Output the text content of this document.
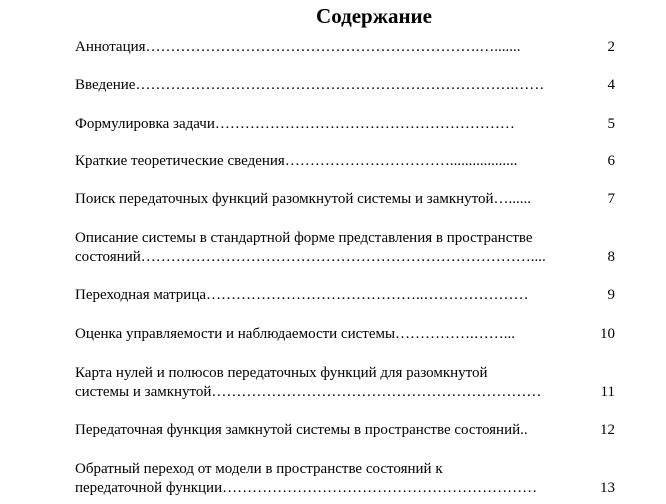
Содержание
Аннотация………………………………………………………….….......	2
Введение………………………………………………………………….……	4
Формулировка задачи……………………………………………………	5
Краткие теоретические сведения……………………………..................	6
Поиск передаточных функций разомкнутой системы и замкнутой…......	7
Описание системы в стандартной форме представления в пространстве
состояний……………………………………………………………………....	8
Переходная матрица……………………………………..…………………	9
Оценка управляемости и наблюдаемости системы…………….……...	10
Карта нулей и полюсов передаточных функций для разомкнутой
системы и замкнутой…………………………………………………………	11
Передаточная функция замкнутой системы в пространстве состояний..	12
Обратный переход от модели в пространстве состояний к
передаточной функции………………………………………………………	13
